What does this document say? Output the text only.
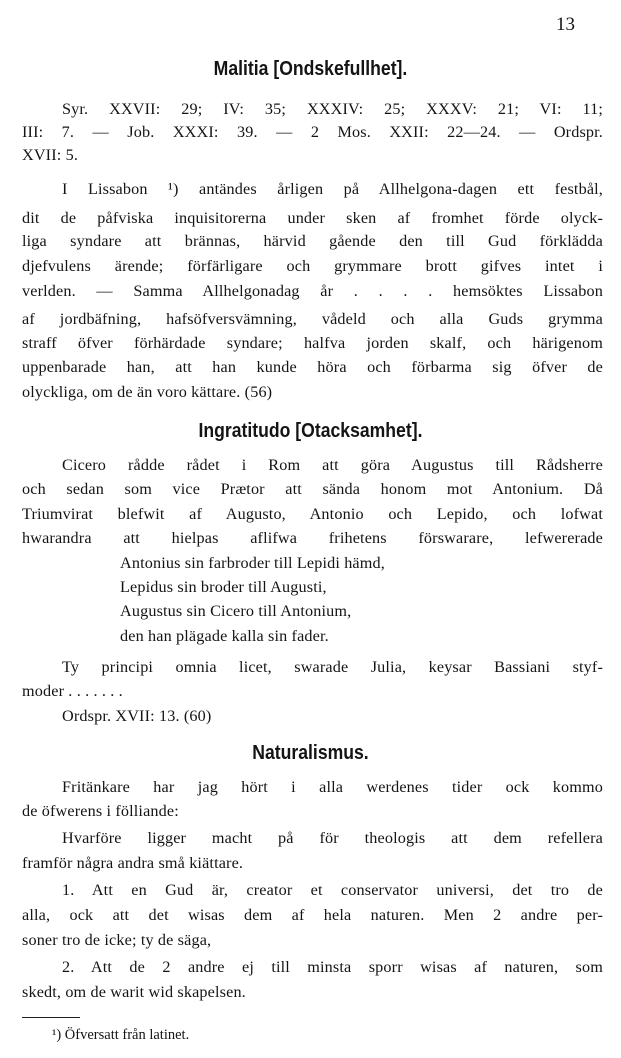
13
Malitia [Ondskefullhet].
Syr. XXVII: 29; IV: 35; XXXIV: 25; XXXV: 21; VI: 11;
III: 7. — Job. XXXI: 39. — 2 Mos. XXII: 22—24. — Ordspr.
XVII: 5.
I Lissabon ¹) antändes årligen på Allhelgona-dagen ett festbål,
dit de påfviska inquisitorerna under sken af fromhet förde olyck-
liga syndare att brännas, härvid gående den till Gud förklädda
djefvulens ärende; förfärligare och grymmare brott gifves intet i
verlden. — Samma Allhelgonadag år . . . . hemsöktes Lissabon
af jordbäfning, hafsöfversvämning, vådeld och alla Guds grymma
straff öfver förhärdade syndare; halfva jorden skalf, och härigenom
uppenbarade han, att han kunde höra och förbarma sig öfver de
olyckliga, om de än voro kättare. (56)
Ingratitudo [Otacksamhet].
Cicero rådde rådet i Rom att göra Augustus till Rådsherre
och sedan som vice Prætor att sända honom mot Antonium. Då
Triumvirat blefwit af Augusto, Antonio och Lepido, och lofwat
hwarandra att hielpas aflifwa frihetens förswarare, lefwererade
Antonius sin farbroder till Lepidi hämd,
Lepidus sin broder till Augusti,
Augustus sin Cicero till Antonium,
den han plägade kalla sin fader.
Ty principi omnia licet, swarade Julia, keysar Bassiani styf-
moder . . . . . . .
Ordspr. XVII: 13. (60)
Naturalismus.
Fritänkare har jag hört i alla werdenes tider ock kommo
de öfwerens i fölliande:
Hvarföre ligger macht på för theologis att dem refellera
framför några andra små kiättare.
1. Att en Gud är, creator et conservator universi, det tro de
alla, ock att det wisas dem af hela naturen. Men 2 andre per-
soner tro de icke; ty de säga,
2. Att de 2 andre ej till minsta sporr wisas af naturen, som
skedt, om de warit wid skapelsen.
¹) Öfversatt från latinet.
